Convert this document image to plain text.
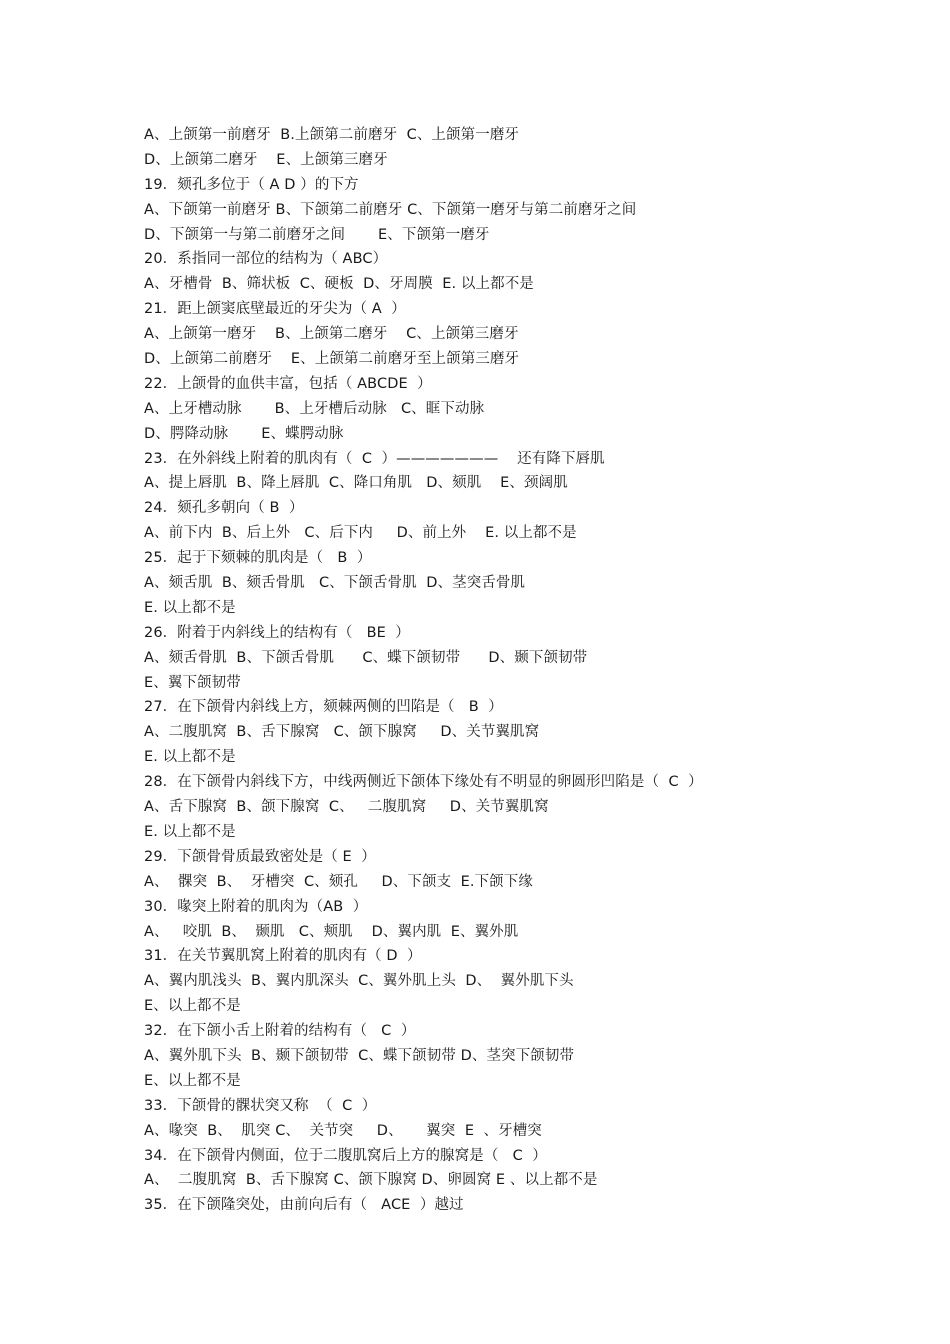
A、上颌第一前磨牙  B.上颌第二前磨牙  C、上颌第一磨牙
D、上颌第二磨牙    E、上颌第三磨牙
19．颏孔多位于（ A D ）的下方
A、下颌第一前磨牙 B、下颌第二前磨牙 C、下颌第一磨牙与第二前磨牙之间
D、下颌第一与第二前磨牙之间       E、下颌第一磨牙
20．系指同一部位的结构为（ ABC）
A、牙槽骨  B、筛状板  C、硬板  D、牙周膜  E. 以上都不是
21．距上颌窦底壁最近的牙尖为（ A  ）
A、上颌第一磨牙    B、上颌第二磨牙    C、上颌第三磨牙
D、上颌第二前磨牙    E、上颌第二前磨牙至上颌第三磨牙
22．上颌骨的血供丰富，包括（ ABCDE  ）
A、上牙槽动脉       B、上牙槽后动脉   C、眶下动脉
D、腭降动脉       E、蝶腭动脉
23．在外斜线上附着的肌肉有（  C  ）———————    还有降下唇肌
A、提上唇肌  B、降上唇肌  C、降口角肌   D、颏肌    E、颈阔肌
24．颏孔多朝向（ B  ）
A、前下内  B、后上外   C、后下内     D、前上外    E. 以上都不是
25．起于下颏棘的肌肉是（   B  ）
A、颏舌肌  B、颏舌骨肌   C、下颌舌骨肌  D、茎突舌骨肌
E. 以上都不是
26．附着于内斜线上的结构有（   BE  ）
A、颏舌骨肌  B、下颌舌骨肌      C、蝶下颌韧带      D、颞下颌韧带
E、翼下颌韧带
27．在下颌骨内斜线上方，颏棘两侧的凹陷是（   B  ）
A、二腹肌窝  B、舌下腺窝   C、颌下腺窝     D、关节翼肌窝
E. 以上都不是
28．在下颌骨内斜线下方，中线两侧近下颌体下缘处有不明显的卵圆形凹陷是（  C  ）
A、舌下腺窝  B、颌下腺窝  C、   二腹肌窝     D、关节翼肌窝
E. 以上都不是
29．下颌骨骨质最致密处是（ E  ）
A、  髁突  B、  牙槽突  C、颏孔     D、下颌支  E.下颌下缘
30．喙突上附着的肌肉为（AB  ）
A、   咬肌  B、  颞肌   C、颊肌    D、翼内肌  E、翼外肌
31．在关节翼肌窝上附着的肌肉有（ D  ）
A、翼内肌浅头  B、翼内肌深头  C、翼外肌上头  D、  翼外肌下头
E、以上都不是
32．在下颌小舌上附着的结构有（   C  ）
A、翼外肌下头  B、颞下颌韧带  C、蝶下颌韧带 D、茎突下颌韧带
E、以上都不是
33．下颌骨的髁状突又称  （  C  ）
A、喙突  B、  肌突 C、  关节突     D、     翼突  E  、牙槽突
34．在下颌骨内侧面，位于二腹肌窝后上方的腺窝是（   C  ）
A、  二腹肌窝  B、舌下腺窝 C、颌下腺窝 D、卵圆窝 E 、以上都不是
35．在下颌隆突处，由前向后有（   ACE  ）越过
